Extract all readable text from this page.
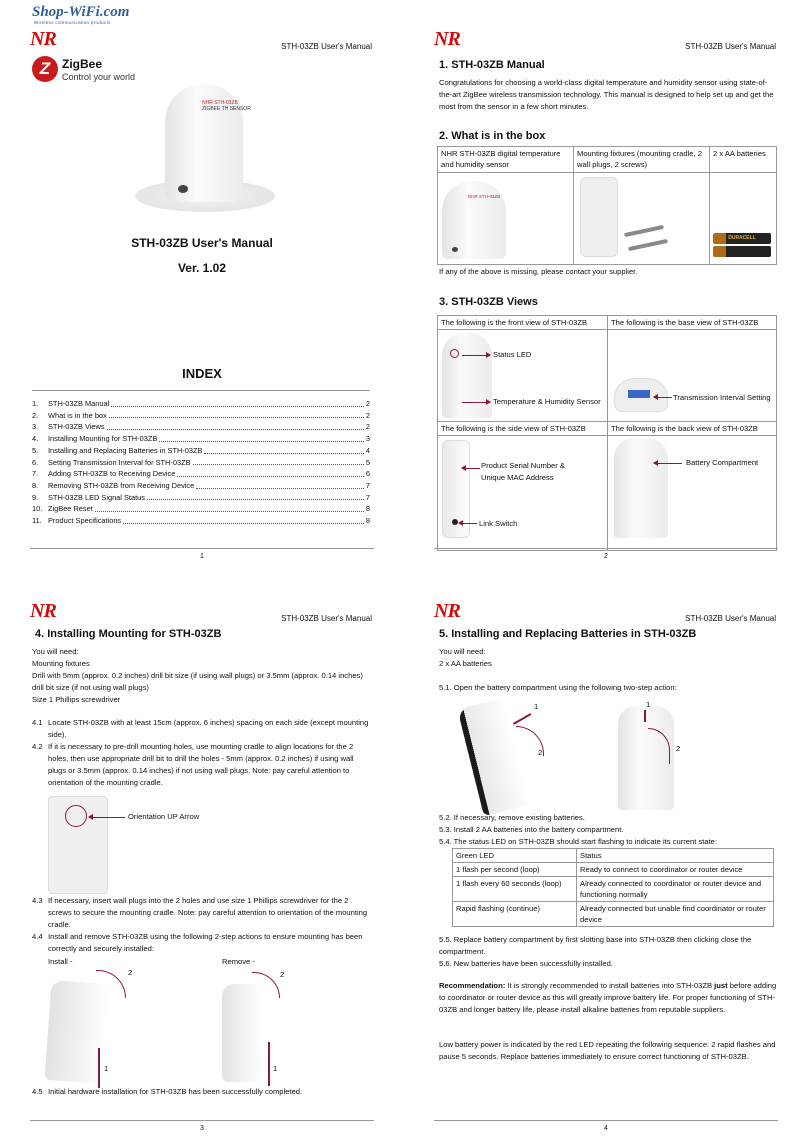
Shop-WiFi.com
Wireless communication products
NR	STH-03ZB User's Manual
Z ZigBee
Control your world
NHR STH-03ZB
ZIGBEE TH SENSOR
STH-03ZB User's Manual
Ver. 1.02
INDEX
1.	STH-03ZB Manual	2
2.	What is in the box	2
3.	STH-03ZB Views	2
4.	Installing Mounting for STH-03ZB	3
5.	Installing and Replacing Batteries in STH-03ZB	4
6.	Setting Transmission Interval for STH-03ZB	5
7.	Adding STH-03ZB to Receiving Device	6
8.	Removing STH-03ZB from Receiving Device	7
9.	STH-03ZB LED Signal Status	7
10. ZigBee Reset	8
11. Product Specifications	8
1
NR	STH-03ZB User's Manual
1. STH-03ZB Manual
Congratulations for choosing a world-class digital temperature and humidity sensor using state-of-the-art ZigBee wireless transmission technology. This manual is designed to help set up and get the most from the sensor in a few short minutes.
2. What is in the box
NHR STH-03ZB digital temperature and humidity sensor	Mounting fixtures (mounting cradle, 2 wall plugs, 2 screws)	2 x AA batteries

NHR STH-03ZB		DURACELL
If any of the above is missing, please contact your supplier.
3. STH-03ZB Views
The following is the front view of STH-03ZB	The following is the base view of STH-03ZB

The following is the side view of STH-03ZB	The following is the back view of STH-03ZB

Status LED
Temperature & Humidity Sensor	Transmission Interval Setting
Product Serial Number &
Unique MAC Address
Link Switch
Battery Compartment
2
NR	STH-03ZB User's Manual
4. Installing Mounting for STH-03ZB
You will need:
Mounting fixtures
Drill with 5mm (approx. 0.2 inches) drill bit size (if using wall plugs) or 3.5mm (approx. 0.14 inches) drill bit size (if not using wall plugs)
Size 1 Phillips screwdriver
4.1 Locate STH-03ZB with at least 15cm (approx. 6 inches) spacing on each side (except mounting side).
4.2 If it is necessary to pre-drill mounting holes, use mounting cradle to align locations for the 2 holes, then use appropriate drill bit to drill the holes - 5mm (approx. 0.2 inches) if using wall plugs or 3.5mm (approx. 0.14 inches) if not using wall plugs. Note: pay careful attention to orientation of the mounting cradle.
Orientation UP Arrow
4.3 If necessary, insert wall plugs into the 2 holes and use size 1 Phillips screwdriver for the 2 screws to secure the mounting cradle. Note: pay careful attention to orientation of the mounting cradle.
4.4 Install and remove STH-03ZB using the following 2-step actions to ensure mounting has been correctly and securely installed:
Install -	Remove -
2
1
2
1
4.5 Initial hardware installation for STH-03ZB has been successfully completed.
3
NR	STH-03ZB User's Manual
5. Installing and Replacing Batteries in STH-03ZB
You will need:
2 x AA batteries
5.1. Open the battery compartment using the following two-step action:
1
2
1
2
5.2. If necessary, remove existing batteries.
5.3. Install 2 AA batteries into the battery compartment.
5.4. The status LED on STH-03ZB should start flashing to indicate its current state:
Green LED	Status
1 flash per second (loop)	Ready to connect to coordinator or router device
1 flash every 60 seconds (loop)	Already connected to coordinator or router device and functioning normally
Rapid flashing (continue)	Already connected but unable find coordinator or router device
5.5. Replace battery compartment by first slotting base into STH-03ZB then clicking close the compartment.
5.6. New batteries have been successfully installed.
Recommendation: It is strongly recommended to install batteries into STH-03ZB just before adding to coordinator or router device as this will greatly improve battery life. For proper functioning of STH-03ZB and longer battery life, please install alkaline batteries from reputable suppliers.
Low battery power is indicated by the red LED repeating the following sequence: 2 rapid flashes and pause 5 seconds. Replace batteries immediately to ensure correct functioning of STH-03ZB.
4
